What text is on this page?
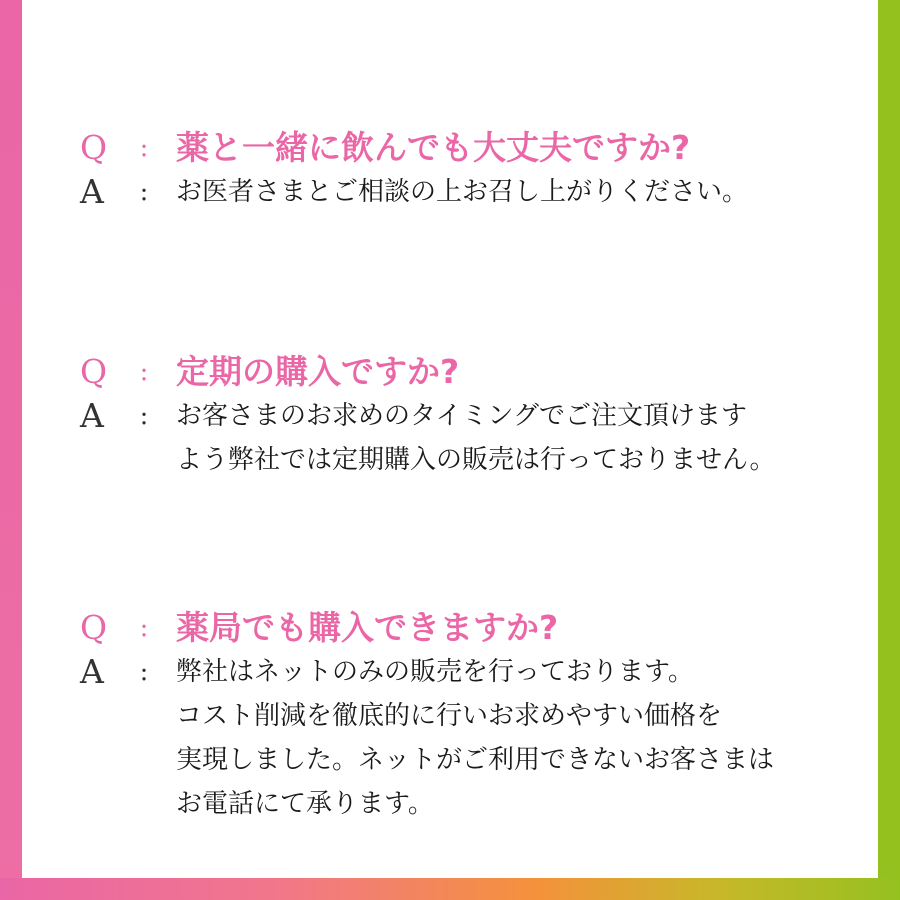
Q	: 薬と一緒に飲んでも大丈夫ですか?
A	:	お医者さまとご相談の上お召し上がりください。
Q	: 定期の購入ですか?
A	:	お客さまのお求めのタイミングでご注文頂けます
よう弊社では定期購入の販売は行っておりません。
Q	: 薬局でも購入できますか?
A	:	弊社はネットのみの販売を行っております。
コスト削減を徹底的に行いお求めやすい価格を
実現しました。ネットがご利用できないお客さまは
お電話にて承ります。
